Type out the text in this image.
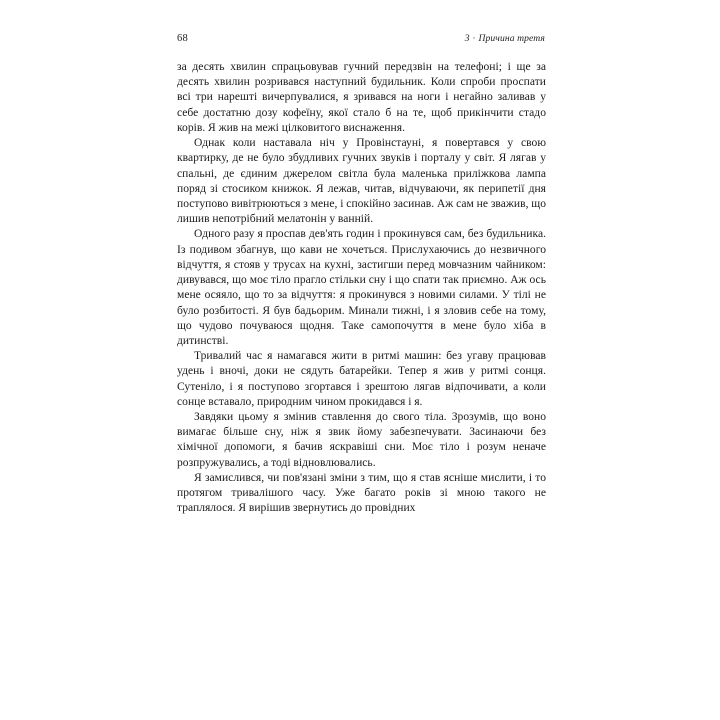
68	3 · Причина третя

за десять хвилин спрацьовував гучний передзвін на телефоні; і ще за десять хвилин розривався наступний будильник. Коли спроби проспати всі три нарешті вичерпувалися, я зривався на ноги і негайно заливав у себе достатню дозу кофеїну, якої стало б на те, щоб прикінчити стадо корів. Я жив на межі цілковитого виснаження.

Однак коли наставала ніч у Провінстауні, я повертався у свою квартирку, де не було збудливих гучних звуків і порталу у світ. Я лягав у спальні, де єдиним джерелом світла була маленька приліжкова лампа поряд зі стосиком книжок. Я лежав, читав, відчуваючи, як перипетії дня поступово вивітрюються з мене, і спокійно засинав. Аж сам не зважив, що лишив непотрібний мелатонін у ванній.

Одного разу я проспав дев'ять годин і прокинувся сам, без будильника. Із подивом збагнув, що кави не хочеться. Прислухаючись до незвичного відчуття, я стояв у трусах на кухні, застигши перед мовчазним чайником: дивувався, що моє тіло прагло стільки сну і що спати так приємно. Аж ось мене осяяло, що то за відчуття: я прокинувся з новими силами. У тілі не було розбитості. Я був бадьорим. Минали тижні, і я зловив себе на тому, що чудово почуваюся щодня. Таке самопочуття в мене було хіба в дитинстві.

Тривалий час я намагався жити в ритмі машин: без угаву працював удень і вночі, доки не сядуть батарейки. Тепер я жив у ритмі сонця. Сутеніло, і я поступово згортався і зрештою лягав відпочивати, а коли сонце вставало, природним чином прокидався і я.

Завдяки цьому я змінив ставлення до свого тіла. Зрозумів, що воно вимагає більше сну, ніж я звик йому забезпечувати. Засинаючи без хімічної допомоги, я бачив яскравіші сни. Моє тіло і розум неначе розпружувались, а тоді відновлювались.

Я замислився, чи пов'язані зміни з тим, що я став ясніше мислити, і то протягом тривалішого часу. Уже багато років зі мною такого не траплялося. Я вирішив звернутись до провідних
